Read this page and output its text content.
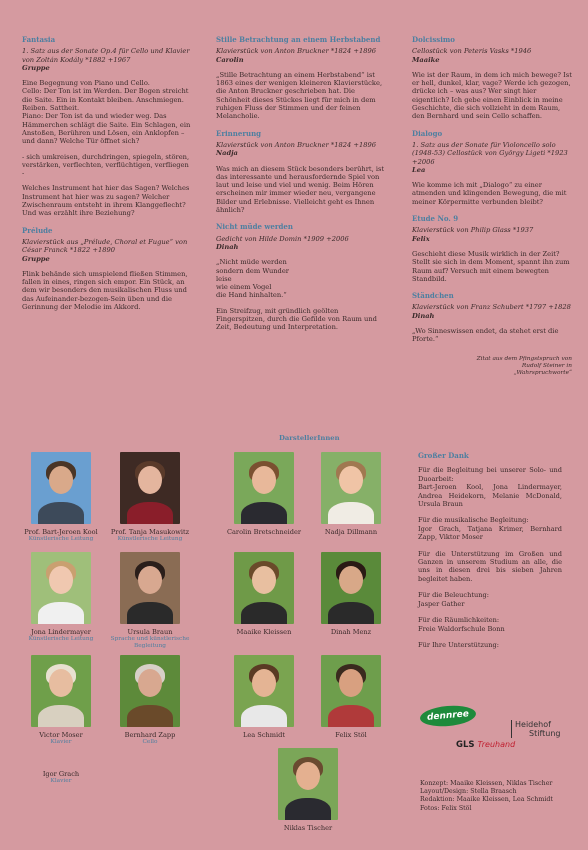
Fantasia
1. Satz aus der Sonate Op.4 für Cello und Klavier von Zoltán Kodály *1882 +1967
Gruppe
Eine Begegnung von Piano und Cello.
Cello: Der Ton ist im Werden. Der Bogen streicht die Saite. Ein in Kontakt bleiben. Anschmiegen. Reiben. Sattheit.
Piano: Der Ton ist da und wieder weg. Das Hämmerchen schlägt die Saite. Ein Schlagen, ein Anstoßen, Berühren und Lösen, ein Anklopfen – und dann? Welche Tür öffnet sich?
- sich umkreisen, durchdringen, spiegeln, stören, verstärken, verflechten, verflüchtigen, verfliegen -
Welches Instrument hat hier das Sagen? Welches Instrument hat hier was zu sagen? Welcher Zwischenraum entsteht in ihrem Klanggeflecht? Und was erzählt ihre Beziehung?
Prélude
Klavierstück aus „Prélude, Choral et Fugue“ von César Franck *1822 +1890
Gruppe
Flink behände sich umspielend fließen Stimmen, fallen in eines, ringen sich empor. Ein Stück, an dem wir besonders den musikalischen Fluss und das Aufeinander-bezogen-Sein üben und die Gerinnung der Melodie im Akkord.
Stille Betrachtung an einem Herbstabend
Klavierstück von Anton Bruckner *1824 +1896
Carolin
„Stille Betrachtung an einem Herbstabend“ ist 1863 eines der wenigen kleineren Klavierstücke, die Anton Bruckner geschrieben hat. Die Schönheit dieses Stückes liegt für mich in dem ruhigen Fluss der Stimmen und der feinen Melancholie.
Erinnerung
Klavierstück von Anton Bruckner *1824 +1896
Nadja
Was mich an diesem Stück besonders berührt, ist das interessante und herausfordernde Spiel von laut und leise und viel und wenig. Beim Hören erscheinen mir immer wieder neu, vergangene Bilder und Erlebnisse. Vielleicht geht es Ihnen ähnlich?
Nicht müde werden
Gedicht von Hilde Domin *1909 +2006
Dinah
„Nicht müde werden
sondern dem Wunder
leise
wie einem Vogel
die Hand hinhalten.“
Ein Streifzug, mit gründlich geölten Fingerspitzen, durch die Gefilde von Raum und Zeit, Bedeutung und Interpretation.
Dolcissimo
Cellostück von Peteris Vasks *1946
Maaike
Wie ist der Raum, in dem ich mich bewege? Ist er hell, dunkel, klar, vage? Werde ich gezogen, drücke ich – was aus? Wer singt hier eigentlich? Ich gebe einen Einblick in meine Geschichte, die sich vollzieht in dem Raum, den Bernhard und sein Cello schaffen.
Dialogo
1. Satz aus der Sonate für Violoncello solo (1948-53) Cellostück von György Ligeti *1923 +2006
Lea
Wie komme ich mit „Dialogo“ zu einer atmenden und klingenden Bewegung, die mit meiner Körpermitte verbunden bleibt?
Etude No. 9
Klavierstück von Philip Glass *1937
Felix
Geschieht diese Musik wirklich in der Zeit? Stellt sie sich in dem Moment, spannt ihn zum Raum auf? Versuch mit einem bewegten Standbild.
Ständchen
Klavierstück von Franz Schubert *1797 +1828
Dinah
„Wo Sinneswissen endet, da stehet erst die Pforte.“
Zitat aus dem Pfingstspruch von Rudolf Steiner in „Wahrspruchworte“
DarstellerInnen
Prof. Bart-Jeroen Kool
Künstlerische Leitung
Prof. Tanja Masukowitz
Künstlerische Leitung
Jona Lindermayer
Künstlerische Leitung
Ursula Braun
Sprache und künstlerische Begleitung
Victor Moser
Klavier
Bernhard Zapp
Cello
Igor Grach
Klavier
Carolin Bretschneider	Nadja Dillmann
Maaike Kleissen	Dinah Menz
Lea Schmidt	Felix Stöl
Niklas Tischer
Großer Dank

Für die Begleitung bei unserer Solo- und Duoarbeit:
Bart-Jeroen Kool, Jona Lindermayer, Andrea Heidekorn, Melanie McDonald, Ursula Braun

Für die musikalische Begleitung:
Igor Grach, Tatjana Krimer, Bernhard Zapp, Viktor Moser

Für die Unterstützung im Großen und Ganzen in unserem Studium an alle, die uns in diesen drei bis sieben Jahren begleitet haben.

Für die Beleuchtung:
Jasper Gather

Für die Räumlichkeiten:
Freie Waldorfschule Bonn

Für Ihre Unterstützung:

dennree
Heidehof
Stiftung
GLS Treuhand
Konzept: Maaike Kleissen, Niklas Tischer
Layout/Design: Stella Braasch
Redaktion: Maaike Kleissen, Lea Schmidt
Fotos: Felix Stöl
